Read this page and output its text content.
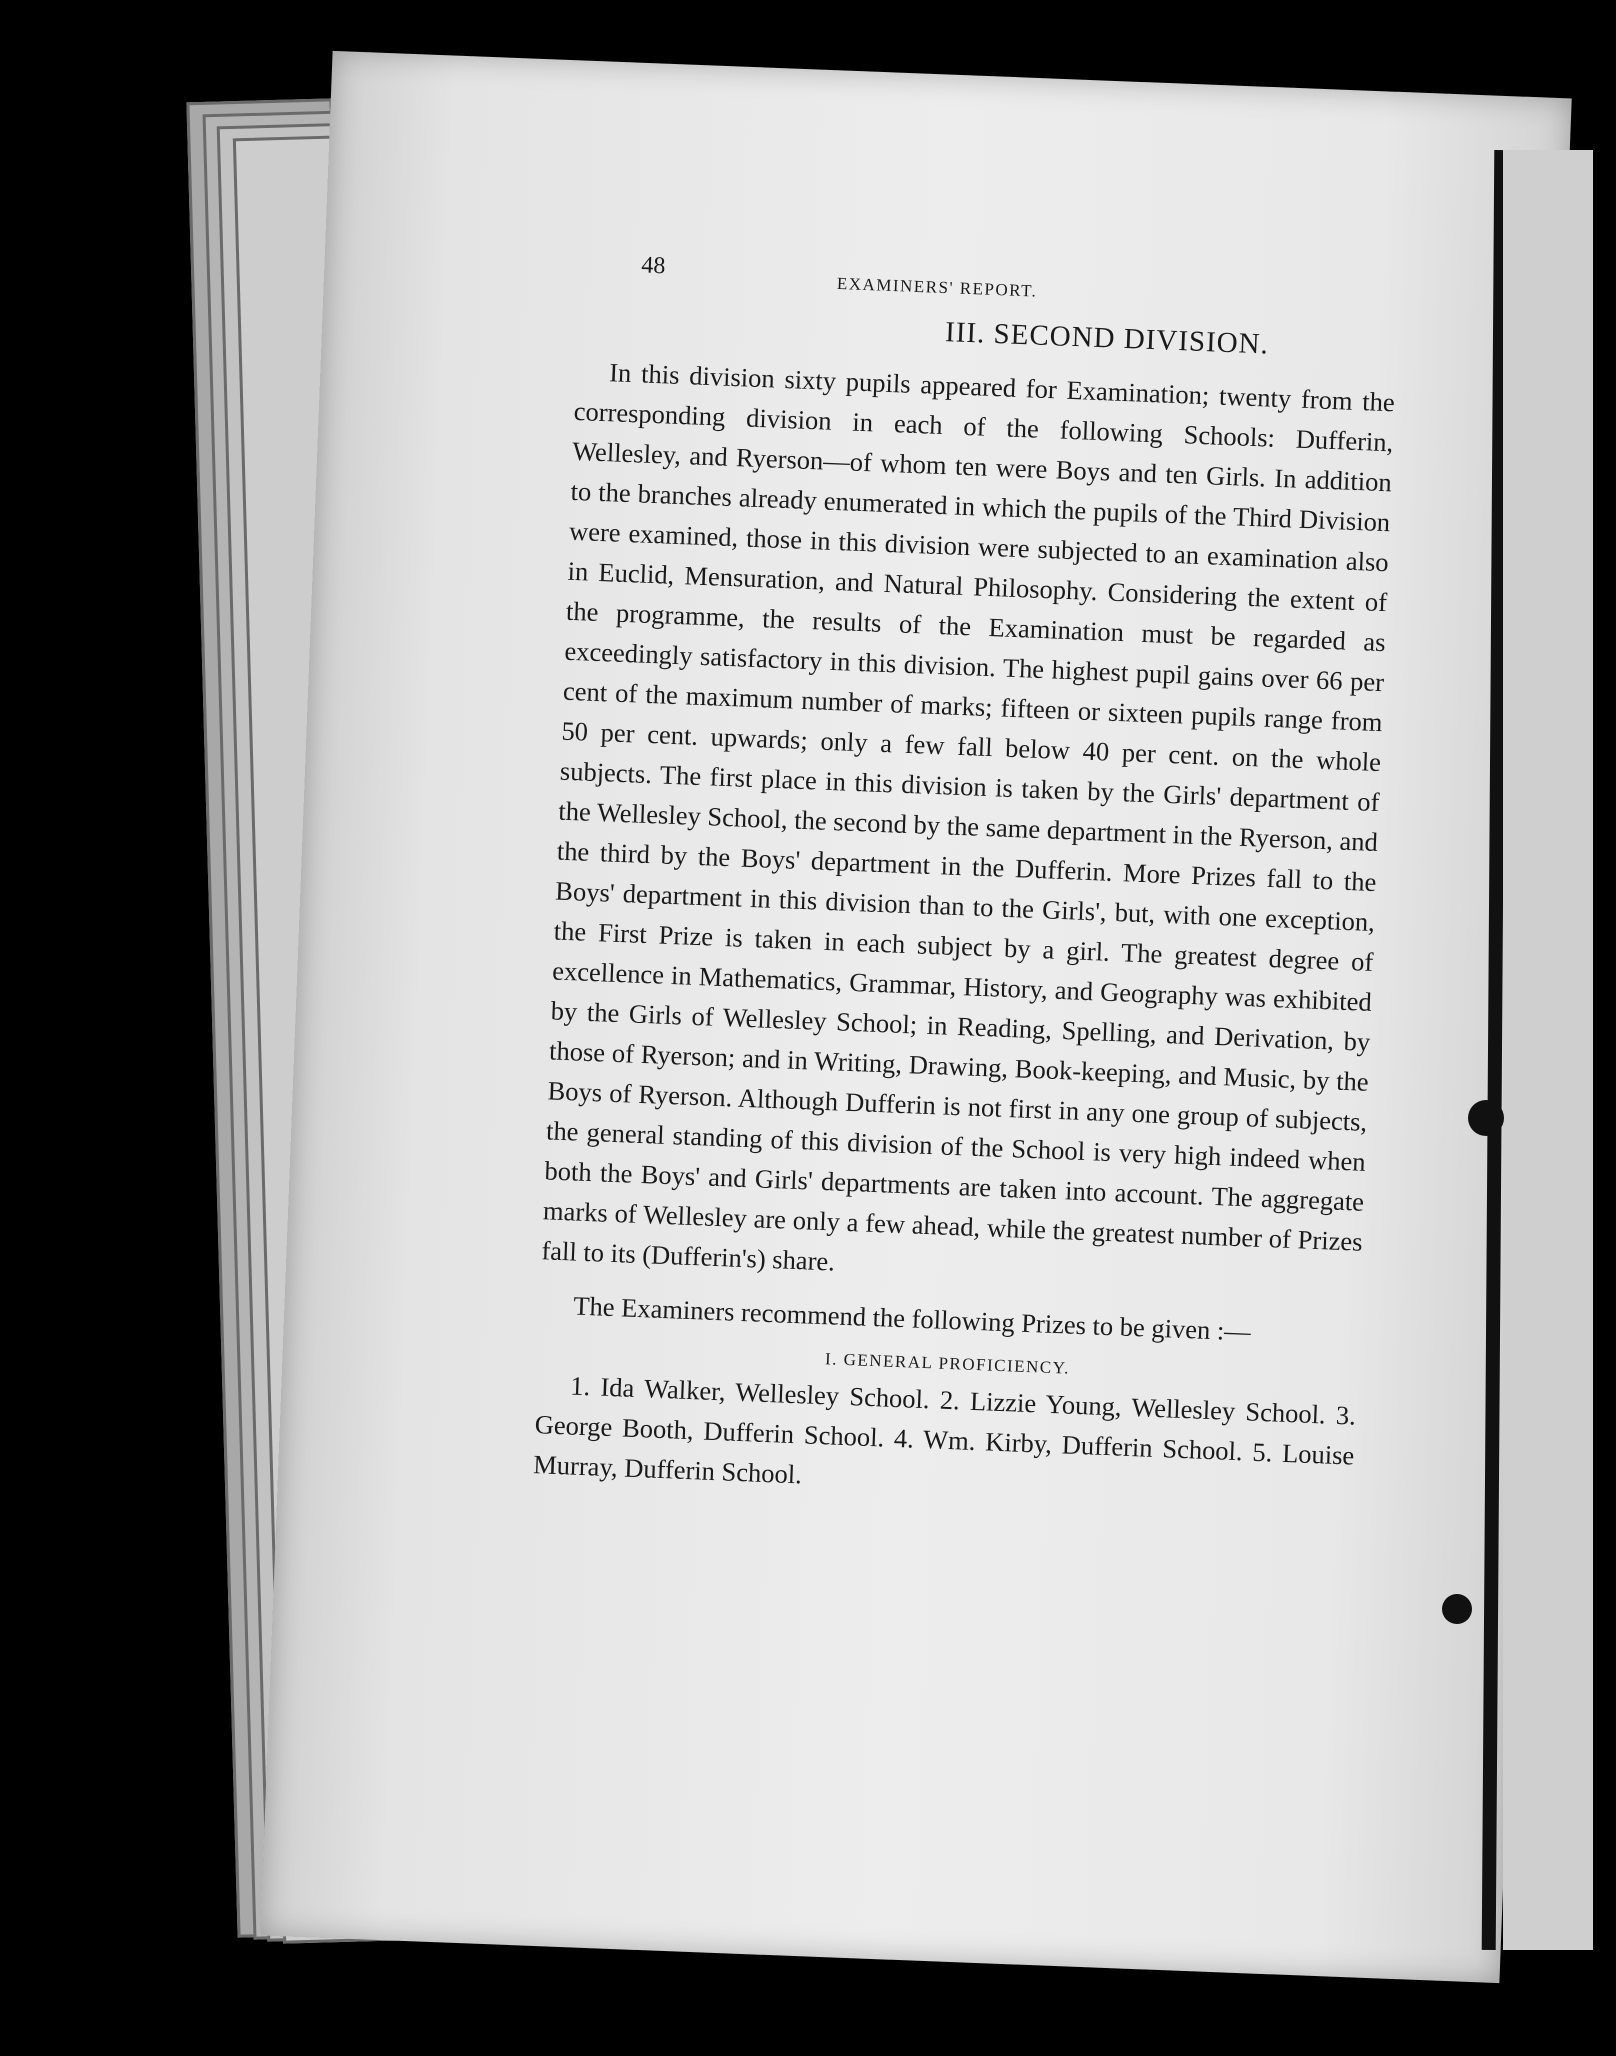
48
EXAMINERS' REPORT.
III. SECOND DIVISION.

In this division sixty pupils appeared for Examination; twenty from the corresponding division in each of the following Schools: Dufferin, Wellesley, and Ryerson—of whom ten were Boys and ten Girls. In addition to the branches already enumerated in which the pupils of the Third Division were examined, those in this division were subjected to an examination also in Euclid, Mensuration, and Natural Philosophy. Considering the extent of the programme, the results of the Examination must be regarded as exceedingly satisfactory in this division. The highest pupil gains over 66 per cent of the maximum number of marks; fifteen or sixteen pupils range from 50 per cent. upwards; only a few fall below 40 per cent. on the whole subjects. The first place in this division is taken by the Girls' department of the Wellesley School, the second by the same department in the Ryerson, and the third by the Boys' department in the Dufferin. More Prizes fall to the Boys' department in this division than to the Girls', but, with one exception, the First Prize is taken in each subject by a girl. The greatest degree of excellence in Mathematics, Grammar, History, and Geography was exhibited by the Girls of Wellesley School; in Reading, Spelling, and Derivation, by those of Ryerson; and in Writing, Drawing, Book-keeping, and Music, by the Boys of Ryerson. Although Dufferin is not first in any one group of subjects, the general standing of this division of the School is very high indeed when both the Boys' and Girls' departments are taken into account. The aggregate marks of Wellesley are only a few ahead, while the greatest number of Prizes fall to its (Dufferin's) share.

The Examiners recommend the following Prizes to be given :—

I. GENERAL PROFICIENCY.

1. Ida Walker, Wellesley School. 2. Lizzie Young, Wellesley School. 3. George Booth, Dufferin School. 4. Wm. Kirby, Dufferin School. 5. Louise Murray, Dufferin School.
